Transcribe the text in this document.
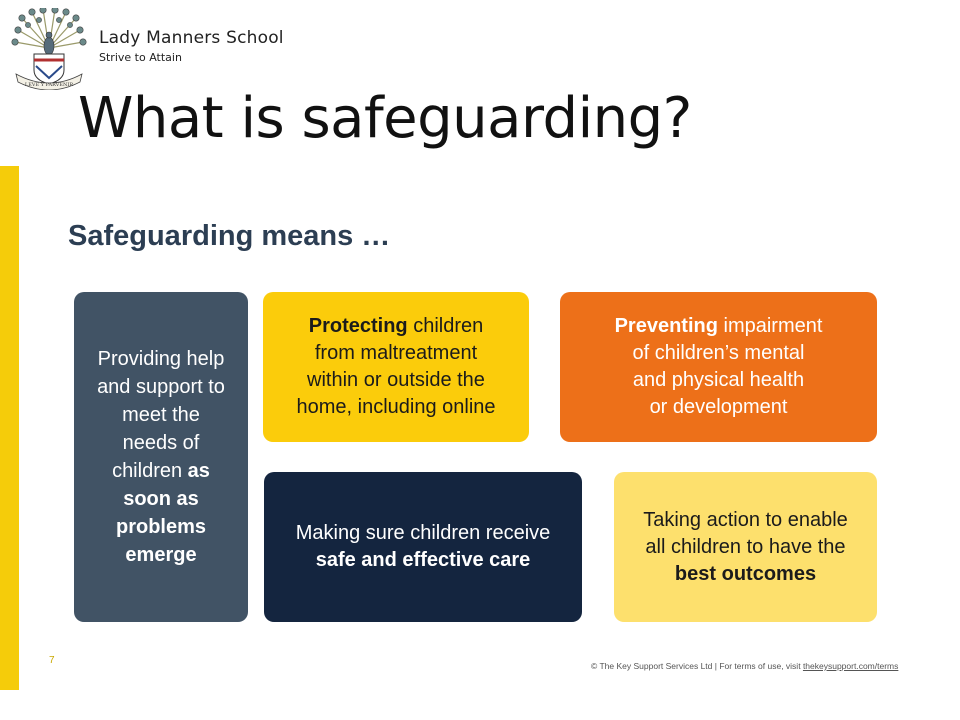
LEVE Y PARVENIR
Lady Manners School
Strive to Attain
What is safeguarding?
Safeguarding means …
Providing help
and support to
meet the
needs of
children as
soon as
problems
emerge
Protecting children
from maltreatment
within or outside the
home, including online
Preventing impairment
of children’s mental
and physical health
or development
Making sure children receive
safe and effective care
Taking action to enable
all children to have the
best outcomes
7	© The Key Support Services Ltd | For terms of use, visit thekeysupport.com/terms
